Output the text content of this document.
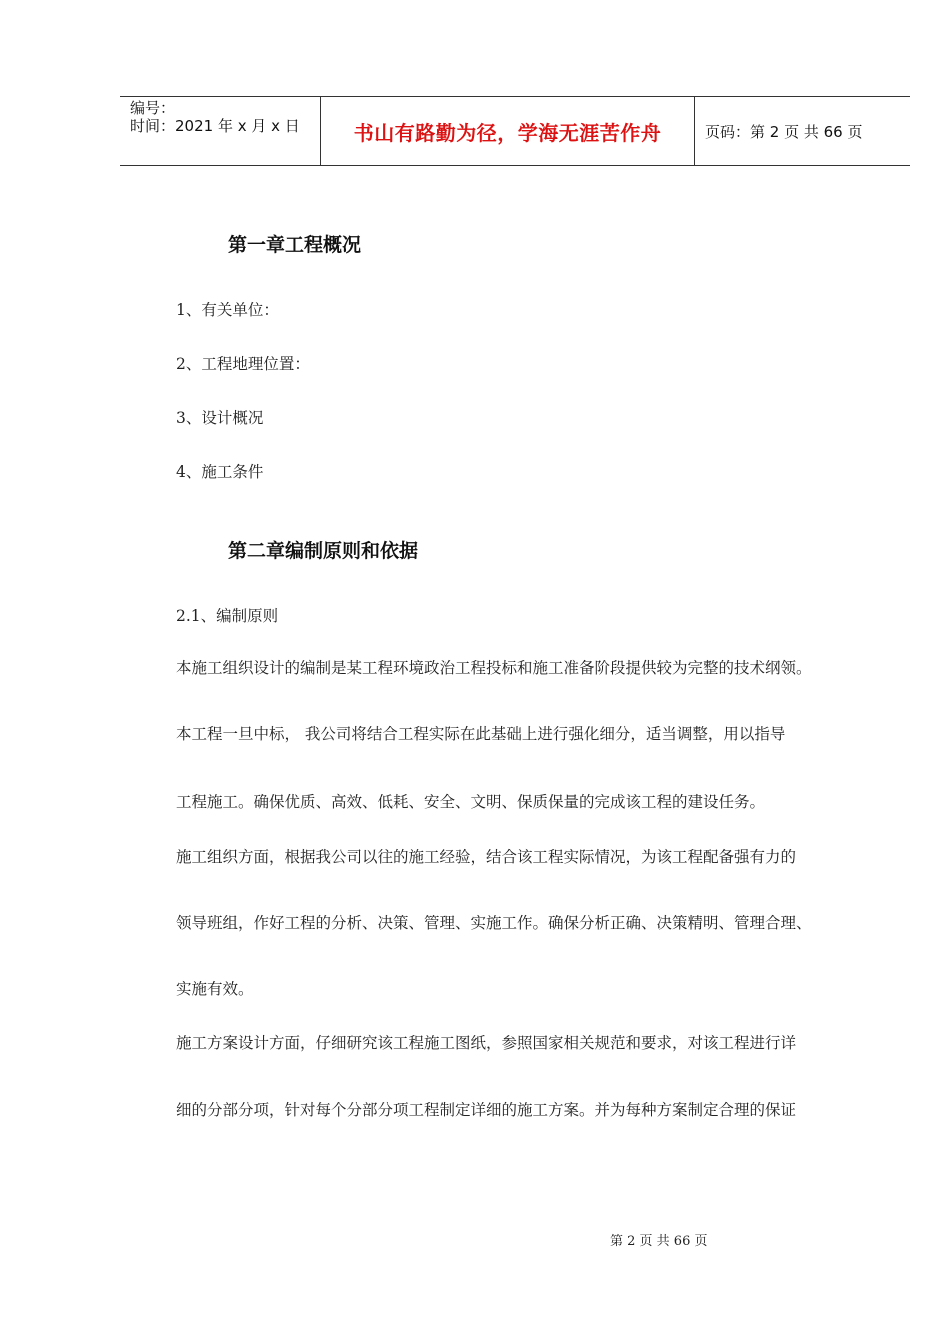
编号：
时间：2021 年 x 月 x 日	书山有路勤为径，学海无涯苦作舟	页码：第 2 页 共 66 页
第一章工程概况
1、有关单位：
2、工程地理位置：
3、设计概况
4、施工条件
第二章编制原则和依据
2.1、编制原则
本施工组织设计的编制是某工程环境政治工程投标和施工准备阶段提供较为完整的技术纲领。
本工程一旦中标， 我公司将结合工程实际在此基础上进行强化细分，适当调整，用以指导
工程施工。确保优质、高效、低耗、安全、文明、保质保量的完成该工程的建设任务。
施工组织方面，根据我公司以往的施工经验，结合该工程实际情况，为该工程配备强有力的
领导班组，作好工程的分析、决策、管理、实施工作。确保分析正确、决策精明、管理合理、
实施有效。
施工方案设计方面，仔细研究该工程施工图纸，参照国家相关规范和要求，对该工程进行详
细的分部分项，针对每个分部分项工程制定详细的施工方案。并为每种方案制定合理的保证
第 2 页 共 66 页
